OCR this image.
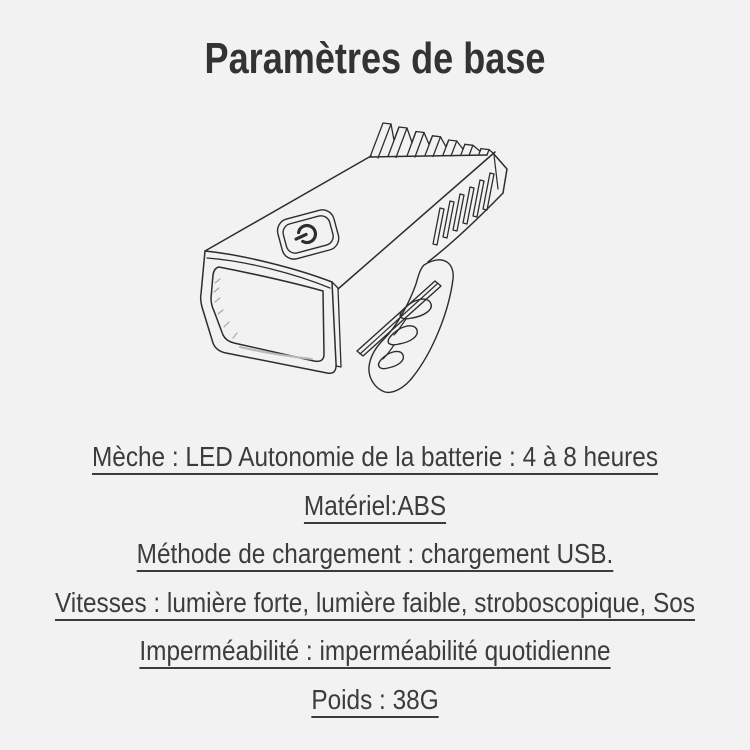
Paramètres de base
Mèche : LED Autonomie de la batterie : 4 à 8 heures
Matériel:ABS
Méthode de chargement : chargement USB.
Vitesses : lumière forte, lumière faible, stroboscopique, Sos
Imperméabilité : imperméabilité quotidienne
Poids : 38G
